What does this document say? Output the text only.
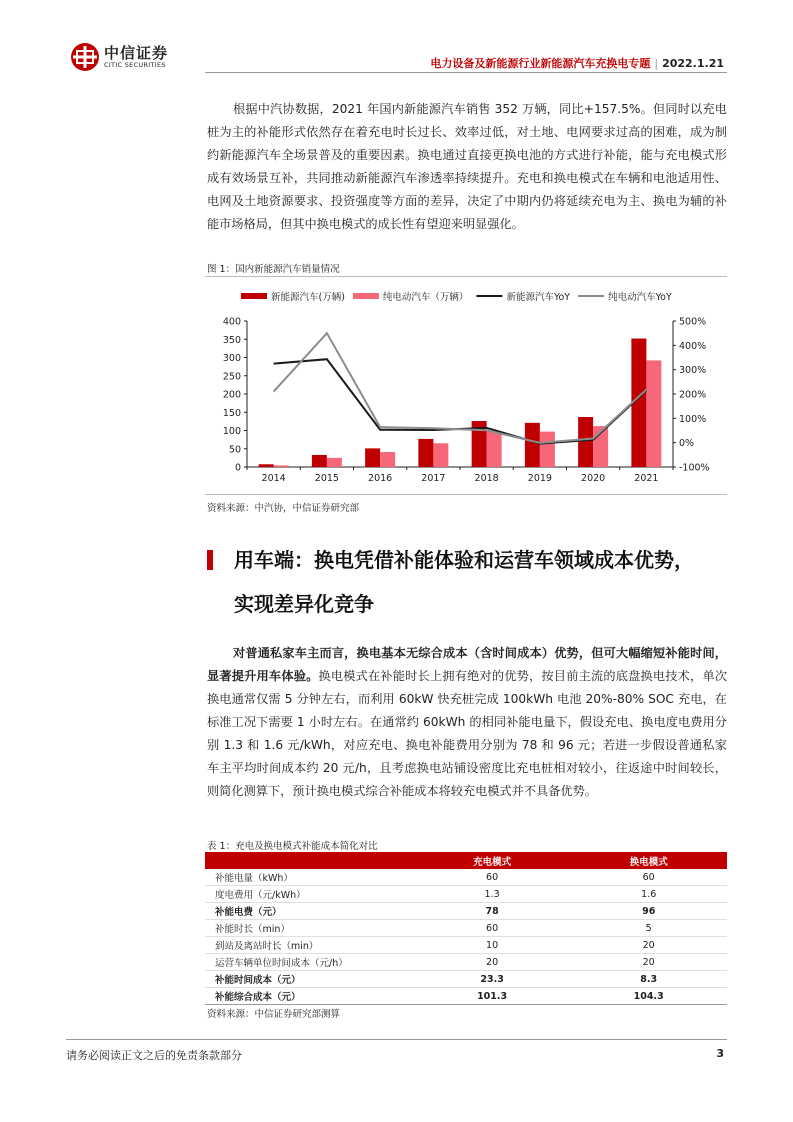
中信证券
CITIC SECURITIES	电力设备及新能源行业新能源汽车充换电专题 | 2022.1.21
根据中汽协数据，2021 年国内新能源汽车销售 352 万辆，同比+157.5%。但同时以充电桩为主的补能形式依然存在着充电时长过长、效率过低，对土地、电网要求过高的困难，成为制约新能源汽车全场景普及的重要因素。换电通过直接更换电池的方式进行补能，能与充电模式形成有效场景互补，共同推动新能源汽车渗透率持续提升。充电和换电模式在车辆和电池适用性、电网及土地资源要求、投资强度等方面的差异，决定了中期内仍将延续充电为主、换电为辅的补能市场格局，但其中换电模式的成长性有望迎来明显强化。
图 1：国内新能源汽车销量情况
新能源汽车(万辆)	纯电动汽车（万辆）	新能源汽车YoY	纯电动汽车YoY
0
50
100
150
200
250
300
350
400
-100%
0%
100%
200%
300%
400%
500%
2014	2015	2016	2017	2018	2019	2020	2021
资料来源：中汽协，中信证券研究部
用车端：换电凭借补能体验和运营车领域成本优势，
实现差异化竞争
对普通私家车主而言，换电基本无综合成本（含时间成本）优势，但可大幅缩短补能时间，显著提升用车体验。换电模式在补能时长上拥有绝对的优势，按目前主流的底盘换电技术，单次换电通常仅需 5 分钟左右，而利用 60kW 快充桩完成 100kWh 电池 20%-80% SOC 充电，在标准工况下需要 1 小时左右。在通常约 60kWh 的相同补能电量下，假设充电、换电度电费用分别 1.3 和 1.6 元/kWh，对应充电、换电补能费用分别为 78 和 96 元；若进一步假设普通私家车主平均时间成本约 20 元/h，且考虑换电站铺设密度比充电桩相对较小，往返途中时间较长，则简化测算下，预计换电模式综合补能成本将较充电模式并不具备优势。
表 1：充电及换电模式补能成本简化对比
	充电模式	换电模式
补能电量（kWh）	60	60
度电费用（元/kWh）	1.3	1.6
补能电费（元）	78	96
补能时长（min）	60	5
到站及离站时长（min）	10	20
运营车辆单位时间成本（元/h）	20	20
补能时间成本（元）	23.3	8.3
补能综合成本（元）	101.3	104.3
资料来源：中信证券研究部测算
请务必阅读正文之后的免责条款部分	3
